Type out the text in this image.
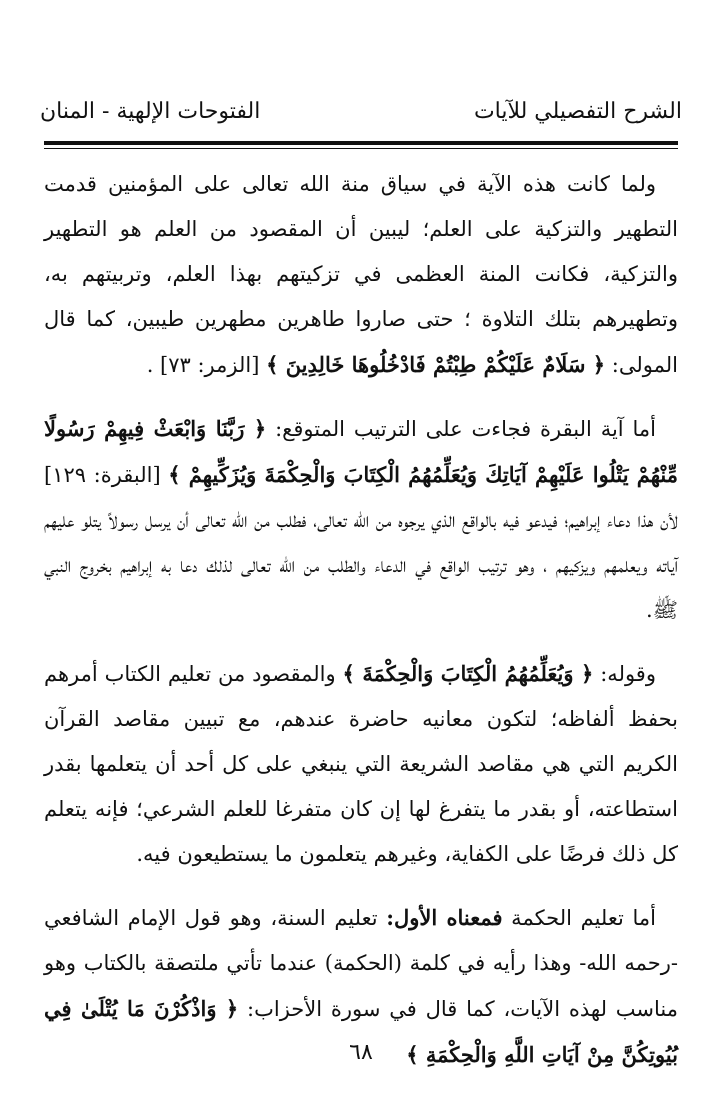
الشرح التفصيلي للآيات
الفتوحات الإلهية - المنان

ولما كانت هذه الآية في سياق منة الله تعالى على المؤمنين قدمت التطهير والتزكية على العلم؛ ليبين أن المقصود من العلم هو التطهير والتزكية، فكانت المنة العظمى في تزكيتهم بهذا العلم، وتربيتهم به، وتطهيرهم بتلك التلاوة ؛ حتى صاروا طاهرين مطهرين طيبين، كما قال المولى: ﴿ سَلَامٌ عَلَيْكُمْ طِبْتُمْ فَادْخُلُوهَا خَالِدِينَ ﴾ [الزمر: ٧٣] .

أما آية البقرة فجاءت على الترتيب المتوقع: ﴿ رَبَّنَا وَابْعَثْ فِيهِمْ رَسُولًا مِّنْهُمْ يَتْلُوا عَلَيْهِمْ آيَاتِكَ وَيُعَلِّمُهُمُ الْكِتَابَ وَالْحِكْمَةَ وَيُزَكِّيهِمْ ﴾ [البقرة: ١٢٩] لأن هذا دعاء إبراهيم؛ فيدعو فيه بالواقع الذي يرجوه من الله تعالى، فطلب من الله تعالى أن يرسل رسولاً يتلو عليهم آياته ويعلمهم ويزكيهم ، وهو ترتيب الواقع في الدعاء والطلب من الله تعالى لذلك دعا به إبراهيم بخروج النبي ﷺ.

وقوله: ﴿ وَيُعَلِّمُهُمُ الْكِتَابَ وَالْحِكْمَةَ ﴾ والمقصود من تعليم الكتاب أمرهم بحفظ ألفاظه؛ لتكون معانيه حاضرة عندهم، مع تبيين مقاصد القرآن الكريم التي هي مقاصد الشريعة التي ينبغي على كل أحد أن يتعلمها بقدر استطاعته، أو بقدر ما يتفرغ لها إن كان متفرغا للعلم الشرعي؛ فإنه يتعلم كل ذلك فرضًا على الكفاية، وغيرهم يتعلمون ما يستطيعون فيه.

أما تعليم الحكمة فمعناه الأول: تعليم السنة، وهو قول الإمام الشافعي -رحمه الله- وهذا رأيه في كلمة (الحكمة) عندما تأتي ملتصقة بالكتاب وهو مناسب لهذه الآيات، كما قال في سورة الأحزاب: ﴿ وَاذْكُرْنَ مَا يُتْلَىٰ فِي بُيُوتِكُنَّ مِنْ آيَاتِ اللَّهِ وَالْحِكْمَةِ ﴾

٦٨
